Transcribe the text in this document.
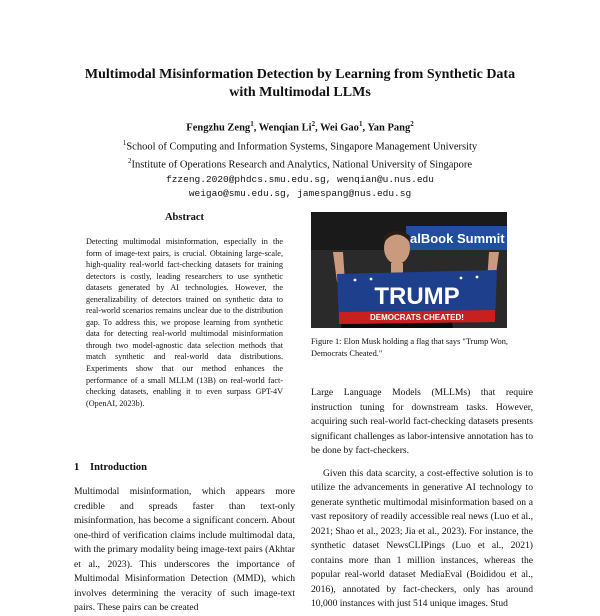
Multimodal Misinformation Detection by Learning from Synthetic Data
with Multimodal LLMs
Fengzhu Zeng$^1$, Wenqian Li$^2$, Wei Gao$^1$, Yan Pang$^2$
$^1$School of Computing and Information Systems, Singapore Management University
$^2$Institute of Operations Research and Analytics, National University of Singapore
fzzeng.2020@phdcs.smu.edu.sg, wenqian@u.nus.edu
weigao@smu.edu.sg, jamespang@nus.edu.sg
Abstract
Detecting multimodal misinformation, especially in the form of image-text pairs, is crucial. Obtaining large-scale, high-quality real-world fact-checking datasets for training detectors is costly, leading researchers to use synthetic datasets generated by AI technologies. However, the generalizability of detectors trained on synthetic data to real-world scenarios remains unclear due to the distribution gap. To address this, we propose learning from synthetic data for detecting real-world multimodal misinformation through two model-agnostic data selection methods that match synthetic and real-world data distributions. Experiments show that our method enhances the performance of a small MLLM (13B) on real-world fact-checking datasets, enabling it to even surpass GPT-4V (OpenAI, 2023b).
1 Introduction
Multimodal misinformation, which appears more credible and spreads faster than text-only misinformation, has become a significant concern. About one-third of verification claims include multimodal data, with the primary modality being image-text pairs (Akhtar et al., 2023). This underscores the importance of Multimodal Misinformation Detection (MMD), which involves determining the veracity of such image-text pairs. These pairs can be created
alBook Summit
TRUMP
DEMOCRATS CHEATED!
Figure 1: Elon Musk holding a flag that says "Trump Won, Democrats Cheated."

Large Language Models (MLLMs) that require instruction tuning for downstream tasks. However, acquiring such real-world fact-checking datasets presents significant challenges as labor-intensive annotation has to be done by fact-checkers.

Given this data scarcity, a cost-effective solution is to utilize the advancements in generative AI technology to generate synthetic multimodal misinformation based on a vast repository of readily accessible real news (Luo et al., 2021; Shao et al., 2023; Jia et al., 2023). For instance, the synthetic dataset NewsCLIPings (Luo et al., 2021) contains more than 1 million instances, whereas the popular real-world dataset MediaEval (Boididou et al., 2016), annotated by fact-checkers, only has around 10,000 instances with just 514 unique images. Stud
